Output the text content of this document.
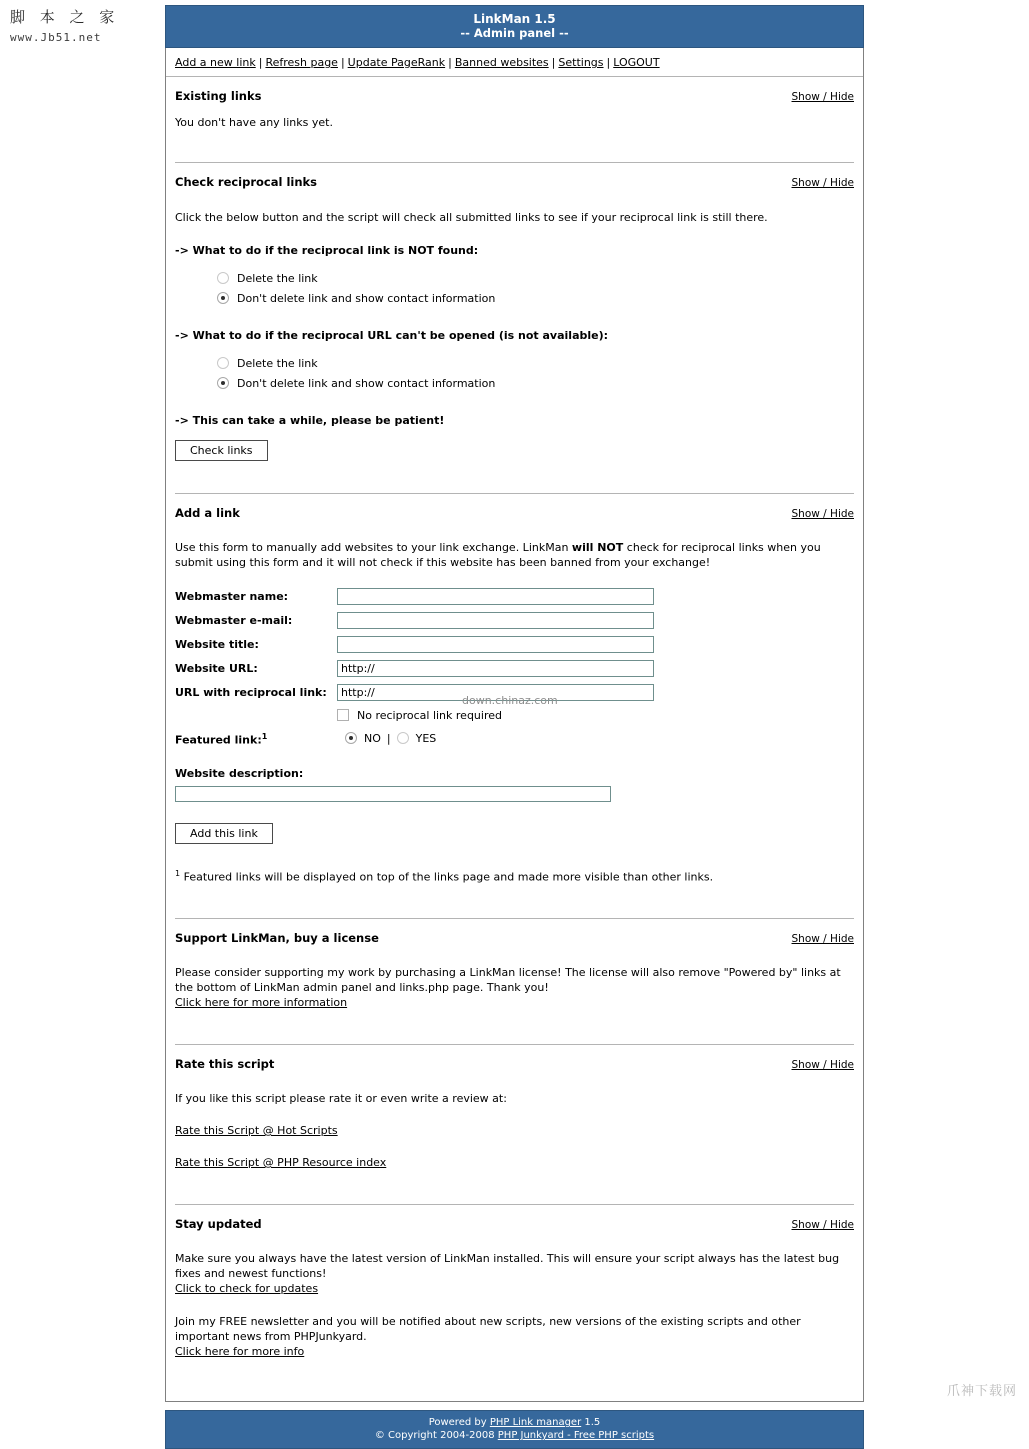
脚 本 之 家
www.Jb51.net
爪神下载网
LinkMan 1.5
-- Admin panel --
Add a new link | Refresh page | Update PageRank | Banned websites | Settings | LOGOUT
Existing links	Show / Hide
You don't have any links yet.
Check reciprocal links	Show / Hide
Click the below button and the script will check all submitted links to see if your reciprocal link is still there.
-> What to do if the reciprocal link is NOT found:
Delete the link
Don't delete link and show contact information
-> What to do if the reciprocal URL can't be opened (is not available):
Delete the link
Don't delete link and show contact information
-> This can take a while, please be patient!
Check links
Add a link	Show / Hide
Use this form to manually add websites to your link exchange. LinkMan will NOT check for reciprocal links when you submit using this form and it will not check if this website has been banned from your exchange!
Webmaster name:
Webmaster e-mail:
Website title:
Website URL:
http://
URL with reciprocal link:
http://
No reciprocal link required
Featured link:$^1$	NO | YES
Website description:
Add this link
$^1$ Featured links will be displayed on top of the links page and made more visible than other links.
Support LinkMan, buy a license	Show / Hide
Please consider supporting my work by purchasing a LinkMan license! The license will also remove "Powered by" links at the bottom of LinkMan admin panel and links.php page. Thank you!
Click here for more information
Rate this script	Show / Hide
If you like this script please rate it or even write a review at:
Rate this Script @ Hot Scripts
Rate this Script @ PHP Resource index
Stay updated	Show / Hide
Make sure you always have the latest version of LinkMan installed. This will ensure your script always has the latest bug fixes and newest functions!
Click to check for updates
Join my FREE newsletter and you will be notified about new scripts, new versions of the existing scripts and other important news from PHPJunkyard.
Click here for more info
Powered by PHP Link manager 1.5
© Copyright 2004-2008 PHP Junkyard - Free PHP scripts
down.chinaz.com
